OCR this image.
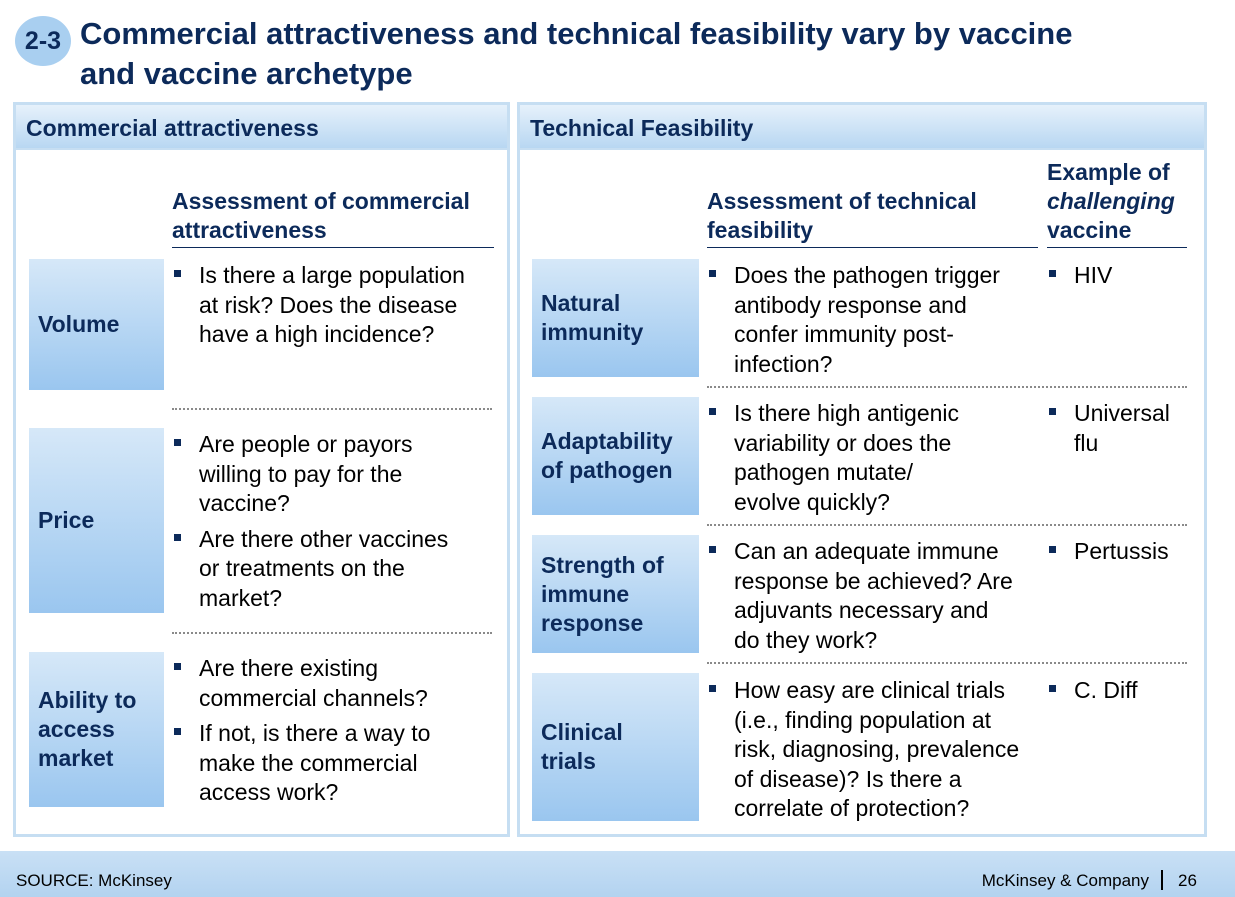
2-3 Commercial attractiveness and technical feasibility vary by vaccine
and vaccine archetype
Commercial attractiveness
Assessment of commercial
attractiveness
Volume
Is there a large population
at risk? Does the disease
have a high incidence?
Price
Are people or payors
willing to pay for the
vaccine?
Are there other vaccines
or treatments on the
market?
Ability to
access
market
Are there existing
commercial channels?
If not, is there a way to
make the commercial
access work?
Technical Feasibility
Assessment of technical
feasibility
Example of
challenging
vaccine
Natural
immunity
Does the pathogen trigger
antibody response and
confer immunity post-
infection?
HIV
Adaptability
of pathogen
Is there high antigenic
variability or does the
pathogen mutate/
evolve quickly?
Universal flu
Strength of
immune
response
Can an adequate immune
response be achieved? Are
adjuvants necessary and
do they work?
Pertussis
Clinical
trials
How easy are clinical trials
(i.e., finding population at
risk, diagnosing, prevalence
of disease)? Is there a
correlate of protection?
C. Diff
SOURCE: McKinsey	McKinsey & Company 26
